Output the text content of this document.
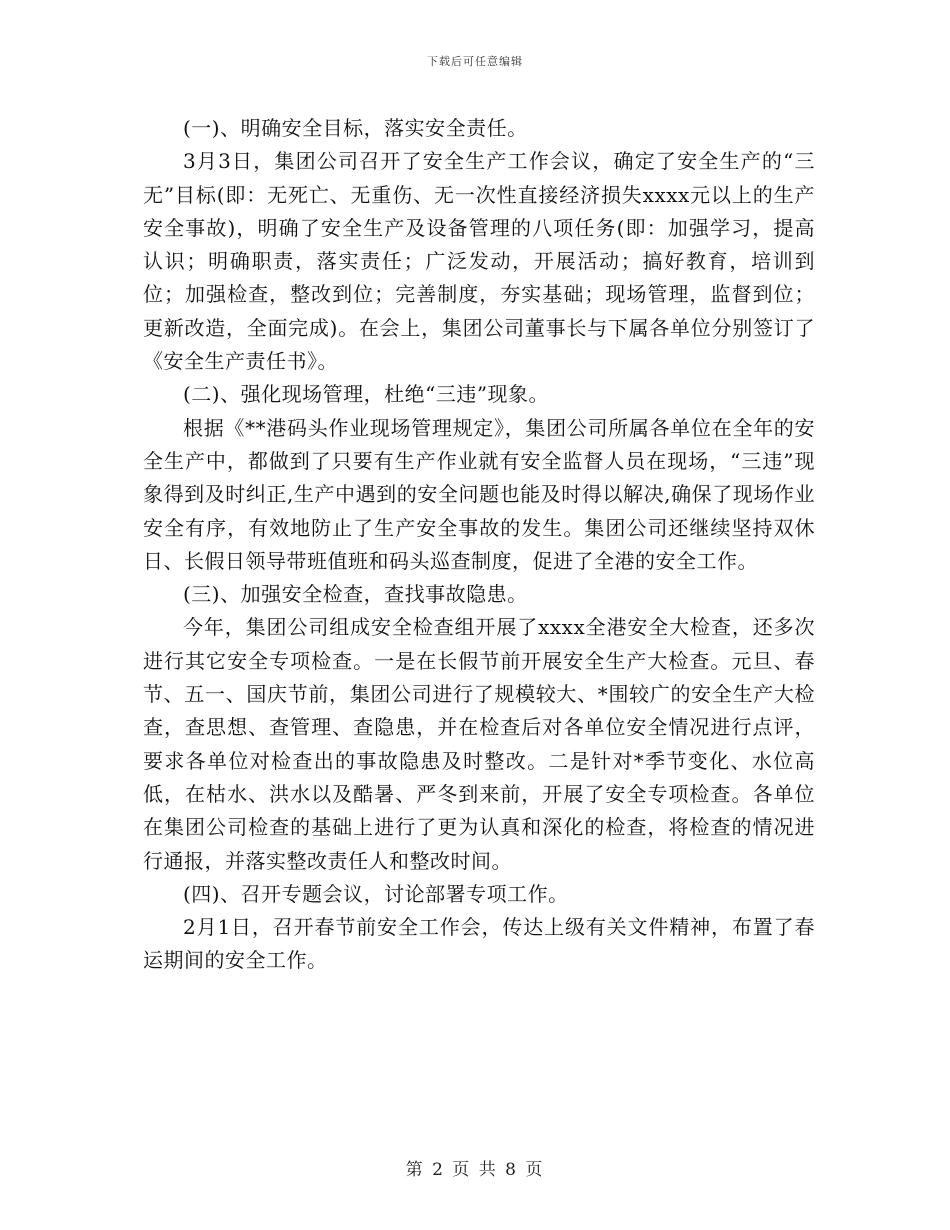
下载后可任意编辑

(一)、明确安全目标，落实安全责任。

3月3日，集团公司召开了安全生产工作会议，确定了安全生产的“三无”目标(即：无死亡、无重伤、无一次性直接经济损失xxxx元以上的生产安全事故)，明确了安全生产及设备管理的八项任务(即：加强学习，提高认识；明确职责，落实责任；广泛发动，开展活动；搞好教育，培训到位；加强检查，整改到位；完善制度，夯实基础；现场管理，监督到位；更新改造，全面完成)。在会上，集团公司董事长与下属各单位分别签订了《安全生产责任书》。

(二)、强化现场管理，杜绝“三违”现象。

根据《**港码头作业现场管理规定》，集团公司所属各单位在全年的安全生产中，都做到了只要有生产作业就有安全监督人员在现场，“三违”现象得到及时纠正,生产中遇到的安全问题也能及时得以解决,确保了现场作业安全有序，有效地防止了生产安全事故的发生。集团公司还继续坚持双休日、长假日领导带班值班和码头巡查制度，促进了全港的安全工作。

(三)、加强安全检查，查找事故隐患。

今年，集团公司组成安全检查组开展了xxxx全港安全大检查，还多次进行其它安全专项检查。一是在长假节前开展安全生产大检查。元旦、春节、五一、国庆节前，集团公司进行了规模较大、*围较广的安全生产大检查，查思想、查管理、查隐患，并在检查后对各单位安全情况进行点评，要求各单位对检查出的事故隐患及时整改。二是针对*季节变化、水位高低，在枯水、洪水以及酷暑、严冬到来前，开展了安全专项检查。各单位在集团公司检查的基础上进行了更为认真和深化的检查，将检查的情况进行通报，并落实整改责任人和整改时间。

(四)、召开专题会议，讨论部署专项工作。

2月1日，召开春节前安全工作会，传达上级有关文件精神，布置了春运期间的安全工作。

第 2 页 共 8 页
